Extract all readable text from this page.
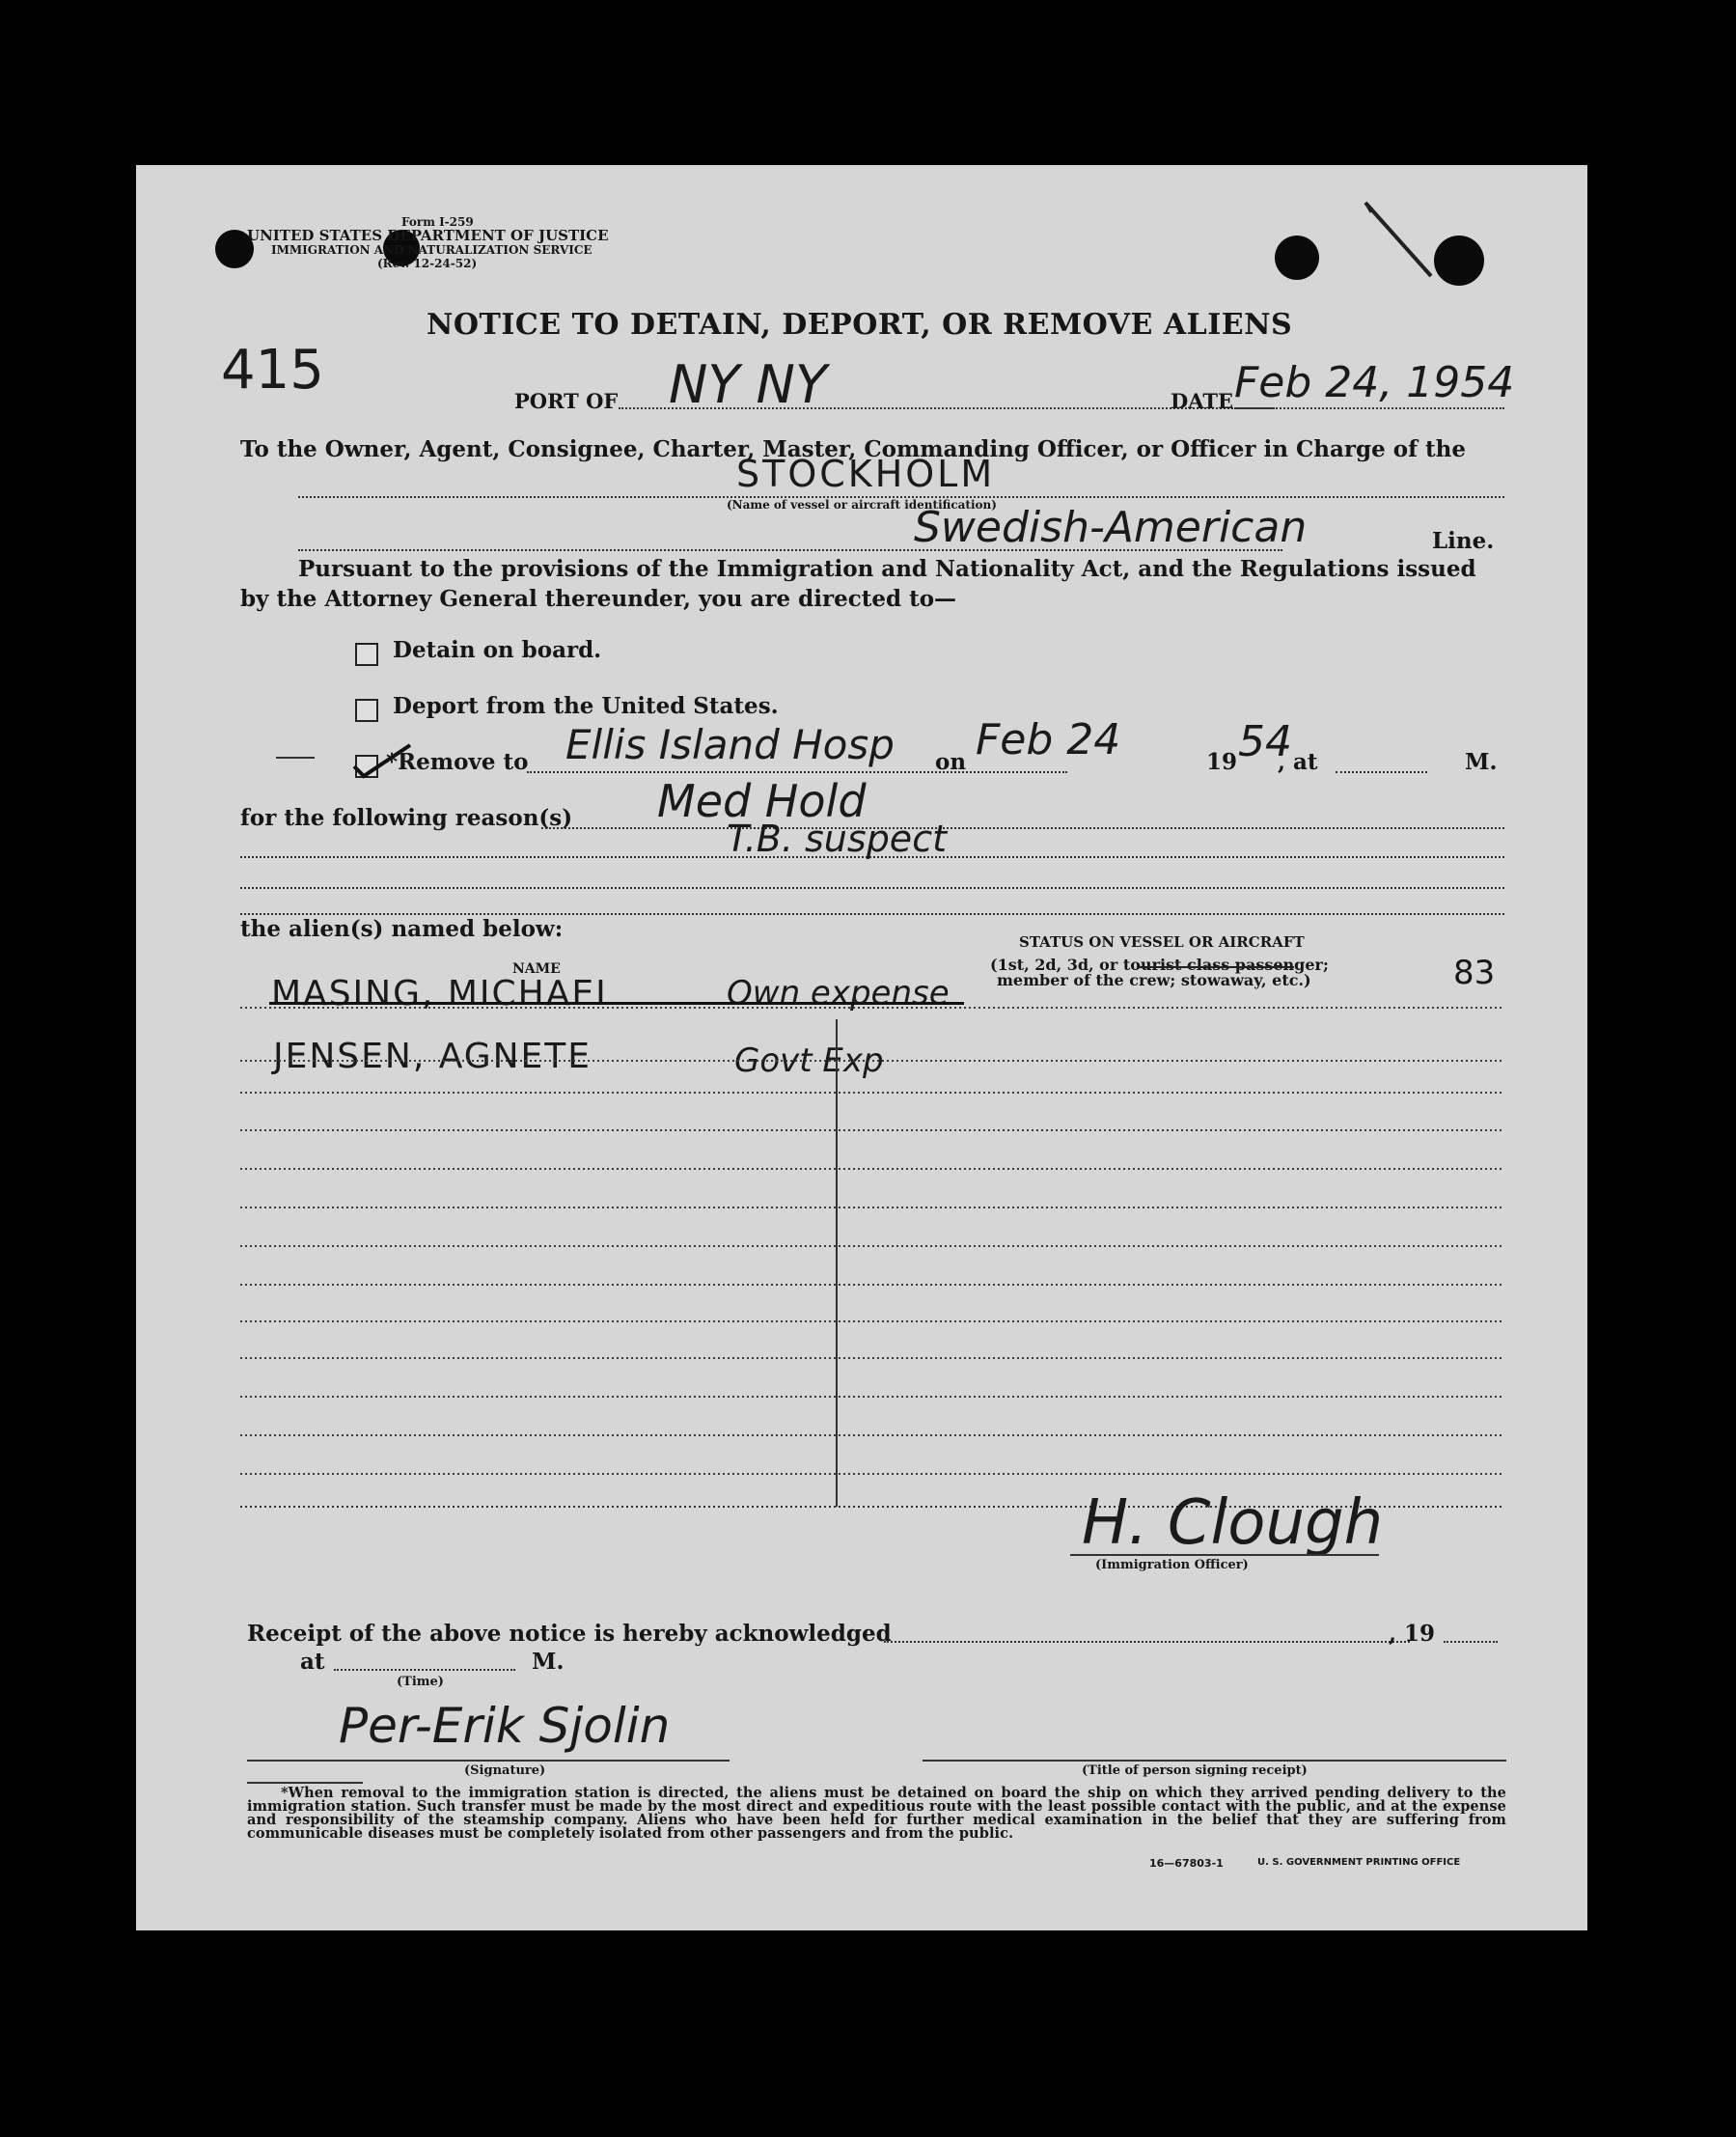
Form I-259
UNITED STATES DEPARTMENT OF JUSTICE
IMMIGRATION AND NATURALIZATION SERVICE
(Rev. 12-24-52)
415
NOTICE TO DETAIN, DEPORT, OR REMOVE ALIENS
PORT OF NY NY	DATE Feb 24, 1954
To the Owner, Agent, Consignee, Charter, Master, Commanding Officer, or Officer in Charge of the
STOCKHOLM
(Name of vessel or aircraft identification)
Swedish-American	Line.
Pursuant to the provisions of the Immigration and Nationality Act, and the Regulations issued
by the Attorney General thereunder, you are directed to—
Detain on board.
Deport from the United States.
*Remove to Ellis Island Hosp on Feb 24	19 54
, at	M.
for the following reason(s) Med Hold
T.B. suspect
the alien(s) named below:	STATUS ON VESSEL OR AIRCRAFT
(1st, 2d, 3d, or tourist class passenger;
member of the crew; stowaway, etc.)	83
NAME
MASING, MICHAEL	Own expense
JENSEN, AGNETE	Govt Exp
H. Clough
(Immigration Officer)
Receipt of the above notice is hereby acknowledged	, 19
at	M.
(Time)
Per-Erik Sjolin
(Signature)	(Title of person signing receipt)
*When removal to the immigration station is directed, the aliens must be detained on board the ship on which they arrived pending delivery to the immigration station. Such transfer must be made by the most direct and expeditious route with the least possible contact with the public, and at the expense and responsibility of the steamship company. Aliens who have been held for further medical examination in the belief that they are suffering from communicable diseases must be completely isolated from other passengers and from the public.
16—67803-1	U. S. GOVERNMENT PRINTING OFFICE
